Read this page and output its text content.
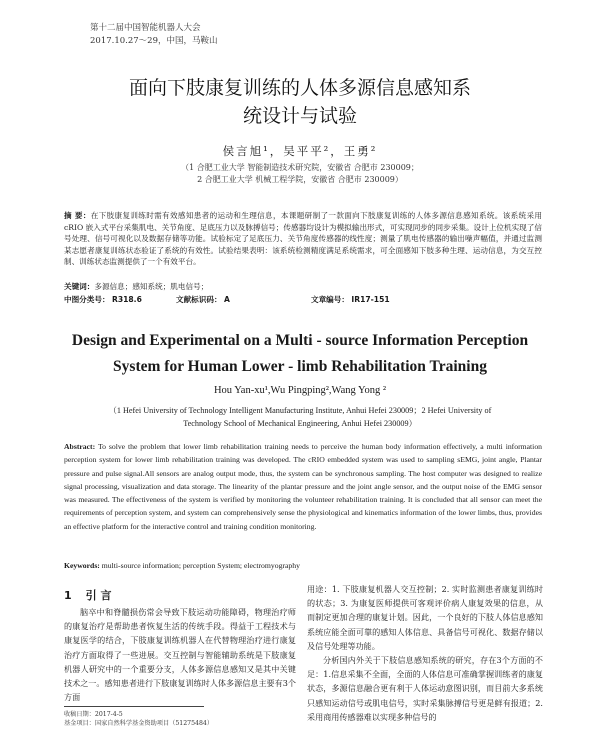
第十二届中国智能机器人大会
2017.10.27～29，中国，马鞍山
面向下肢康复训练的人体多源信息感知系
统设计与试验
侯言旭¹，吴平平²，王勇²
（1 合肥工业大学 智能制造技术研究院，安徽省 合肥市 230009；
2 合肥工业大学 机械工程学院，安徽省 合肥市 230009）
摘 要：在下肢康复训练时需有效感知患者的运动和生理信息，本课题研制了一款面向下肢康复训练的人体多源信息感知系统。该系统采用 cRIO 嵌入式平台采集肌电、关节角度、足底压力以及脉搏信号；传感器均设计为模拟输出形式，可实现同步的同步采集。设计上位机实现了信号处理、信号可视化以及数据存储等功能。试验标定了足底压力、关节角度传感器的线性度；测量了肌电传感器的输出噪声幅值，并通过监测某志愿者康复训练状态验证了系统的有效性。试验结果表明：该系统检测精度满足系统需求，可全面感知下肢多种生理、运动信息，为交互控制、训练状态监测提供了一个有效平台。
关键词：多源信息；感知系统；肌电信号；
中图分类号： R318.6	文献标识码： A	文章编号： IR17-151
Design and Experimental on a Multi - source Information Perception
System for Human Lower - limb Rehabilitation Training
Hou Yan-xu¹,Wu Pingping²,Wang Yong ²
（1 Hefei University of Technology Intelligent Manufacturing Institute, Anhui Hefei 230009；2 Hefei University of
Technology School of Mechanical Engineering, Anhui Hefei 230009）
Abstract: To solve the problem that lower limb rehabilitation training needs to perceive the human body information effectively, a multi information perception system for lower limb rehabilitation training was developed. The cRIO embedded system was used to sampling sEMG, joint angle, Plantar pressure and pulse signal.All sensors are analog output mode, thus, the system can be synchronous sampling. The host computer was designed to realize signal processing, visualization and data storage. The linearity of the plantar pressure and the joint angle sensor, and the output noise of the EMG sensor was measured. The effectiveness of the system is verified by monitoring the volunteer rehabilitation training. It is concluded that all sensor can meet the requirements of perception system, and system can comprehensively sense the physiological and kinematics information of the lower limbs, thus, provides an effective platform for the interactive control and training condition monitoring.
Keywords: multi-source information; perception System; electromyography
1 引 言
脑卒中和脊髓损伤常会导致下肢运动功能障碍，物理治疗师的康复治疗是帮助患者恢复生活的传统手段。得益于工程技术与康复医学的结合，下肢康复训练机器人在代替物理治疗进行康复治疗方面取得了一些进展。交互控制与智能辅助系统是下肢康复机器人研究中的一个重要分支，人体多源信息感知又是其中关键技术之一。感知患者进行下肢康复训练时人体多源信息主要有3个方面

用途：1. 下肢康复机器人交互控制；2. 实时监测患者康复训练时的状态；3. 为康复医师提供可客观评价病人康复效果的信息，从而制定更加合理的康复计划。因此，一个良好的下肢人体信息感知系统应能全面可靠的感知人体信息、具备信号可视化、数据存储以及信号处理等功能。

分析国内外关于下肢信息感知系统的研究，存在3个方面的不足：1.信息采集不全面，全面的人体信息可准确掌握训练者的康复状态，多源信息融合更有利于人体运动意图识别，而目前大多系统只感知运动信号或肌电信号，实时采集脉搏信号更是鲜有报道；2.采用商用传感器难以实现多种信号的

收稿日期：2017-4-5
基金项目：国家自然科学基金资助项目（51275484）
